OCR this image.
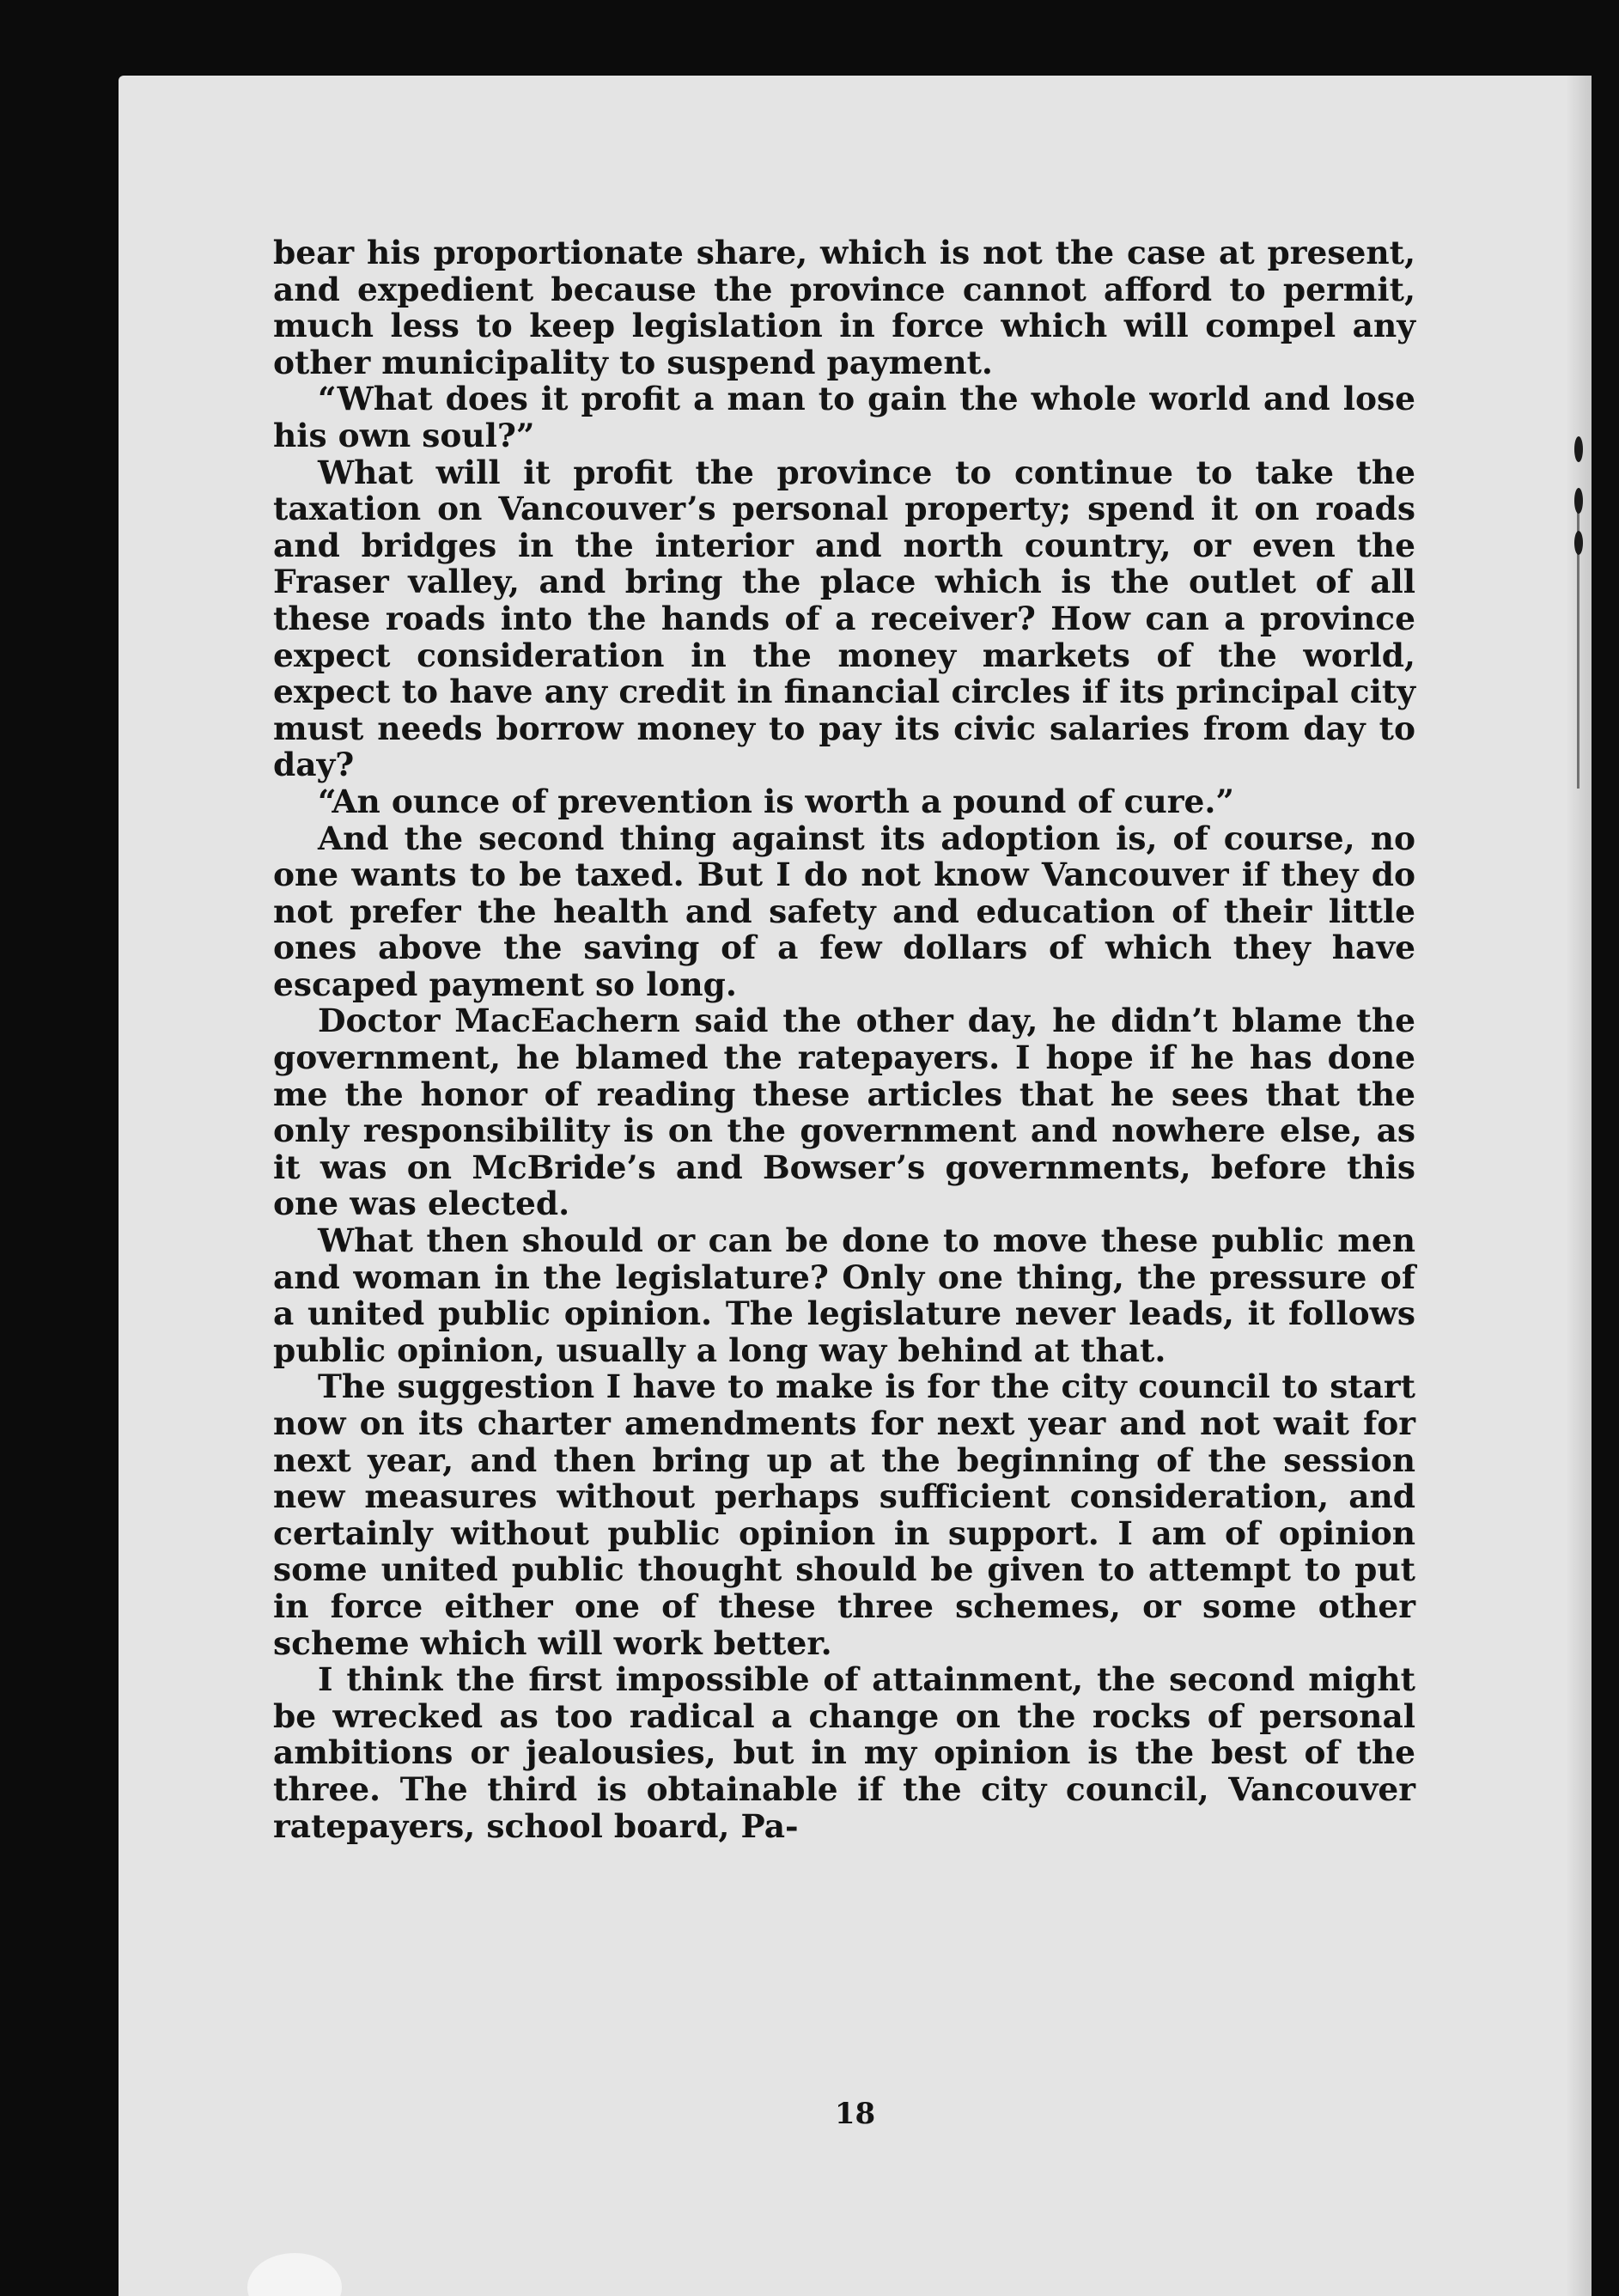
bear his proportionate share, which is not the case at present, and expedient because the province cannot afford to permit, much less to keep legislation in force which will compel any other municipality to suspend payment.

“What does it profit a man to gain the whole world and lose his own soul?”

What will it profit the province to continue to take the taxation on Vancouver’s personal property; spend it on roads and bridges in the interior and north country, or even the Fraser valley, and bring the place which is the outlet of all these roads into the hands of a receiver? How can a province expect consideration in the money markets of the world, expect to have any credit in financial circles if its principal city must needs borrow money to pay its civic salaries from day to day?

“An ounce of prevention is worth a pound of cure.”

And the second thing against its adoption is, of course, no one wants to be taxed. But I do not know Vancouver if they do not prefer the health and safety and education of their little ones above the saving of a few dollars of which they have escaped payment so long.

Doctor MacEachern said the other day, he didn’t blame the government, he blamed the ratepayers. I hope if he has done me the honor of reading these articles that he sees that the only responsibility is on the government and nowhere else, as it was on McBride’s and Bowser’s governments, before this one was elected.

What then should or can be done to move these public men and woman in the legislature? Only one thing, the pressure of a united public opinion. The legislature never leads, it follows public opinion, usually a long way behind at that.

The suggestion I have to make is for the city council to start now on its charter amendments for next year and not wait for next year, and then bring up at the beginning of the session new measures without perhaps sufficient consideration, and certainly without public opinion in support. I am of opinion some united public thought should be given to attempt to put in force either one of these three schemes, or some other scheme which will work better.

I think the first impossible of attainment, the second might be wrecked as too radical a change on the rocks of personal ambitions or jealousies, but in my opinion is the best of the three. The third is obtainable if the city council, Vancouver ratepayers, school board, Pa-

18
